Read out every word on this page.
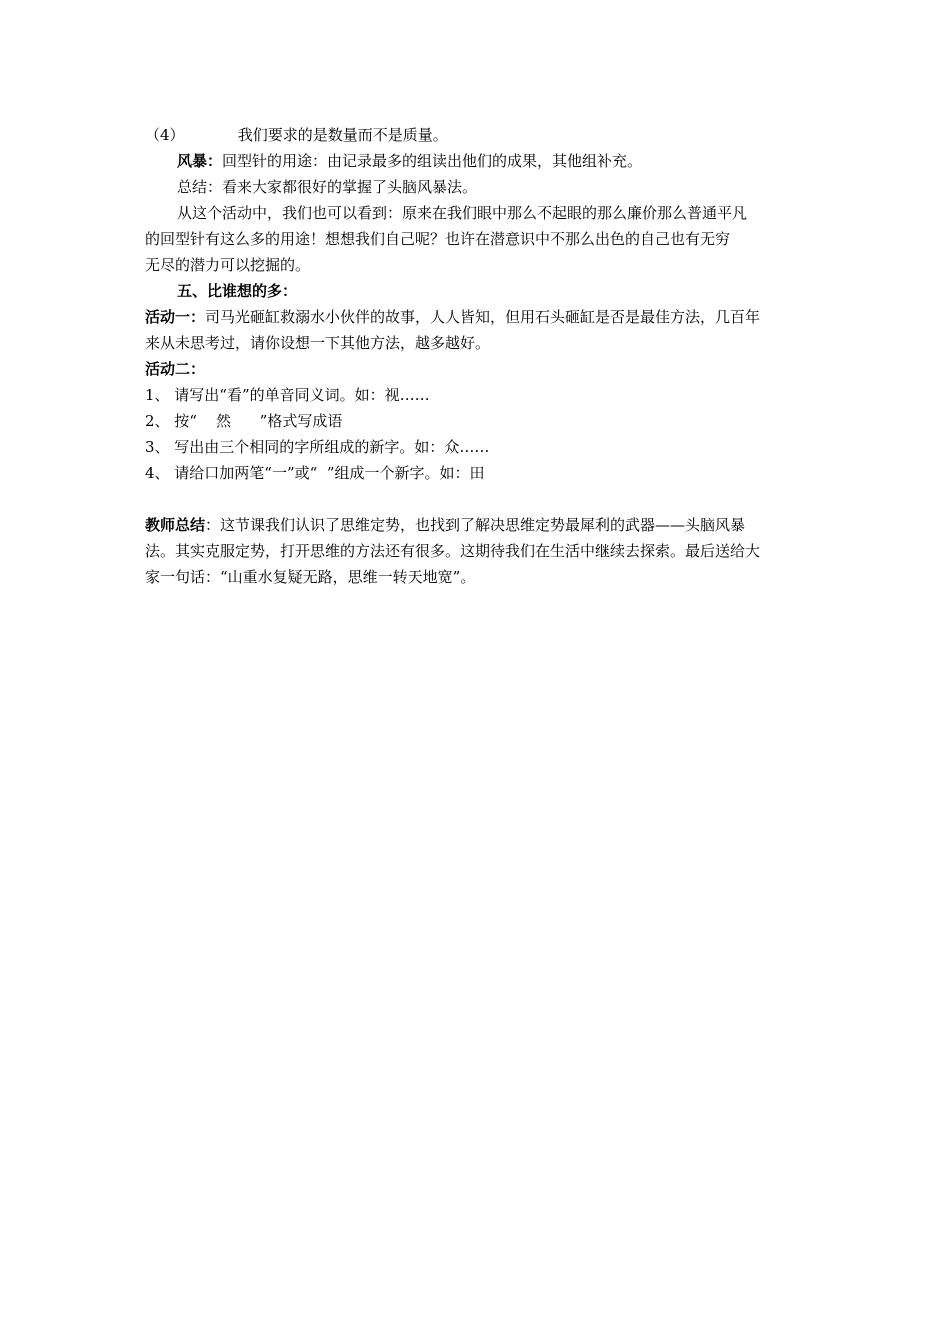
（4）	我们要求的是数量而不是质量。
风暴：回型针的用途：由记录最多的组读出他们的成果，其他组补充。
总结：看来大家都很好的掌握了头脑风暴法。
从这个活动中，我们也可以看到：原来在我们眼中那么不起眼的那么廉价那么普通平凡
的回型针有这么多的用途！想想我们自己呢？也许在潜意识中不那么出色的自己也有无穷
无尽的潜力可以挖掘的。
五、比谁想的多：
活动一：司马光砸缸救溺水小伙伴的故事，人人皆知，但用石头砸缸是否是最佳方法，几百年
来从未思考过，请你设想一下其他方法，越多越好。
活动二：
1、 请写出“看”的单音同义词。如：视……
2、 按“    然      ”格式写成语
3、 写出由三个相同的字所组成的新字。如：众……
4、 请给口加两笔“一”或“  ”组成一个新字。如：田
教师总结：这节课我们认识了思维定势，也找到了解决思维定势最犀利的武器——头脑风暴
法。其实克服定势，打开思维的方法还有很多。这期待我们在生活中继续去探索。最后送给大
家一句话：“山重水复疑无路，思维一转天地宽”。
